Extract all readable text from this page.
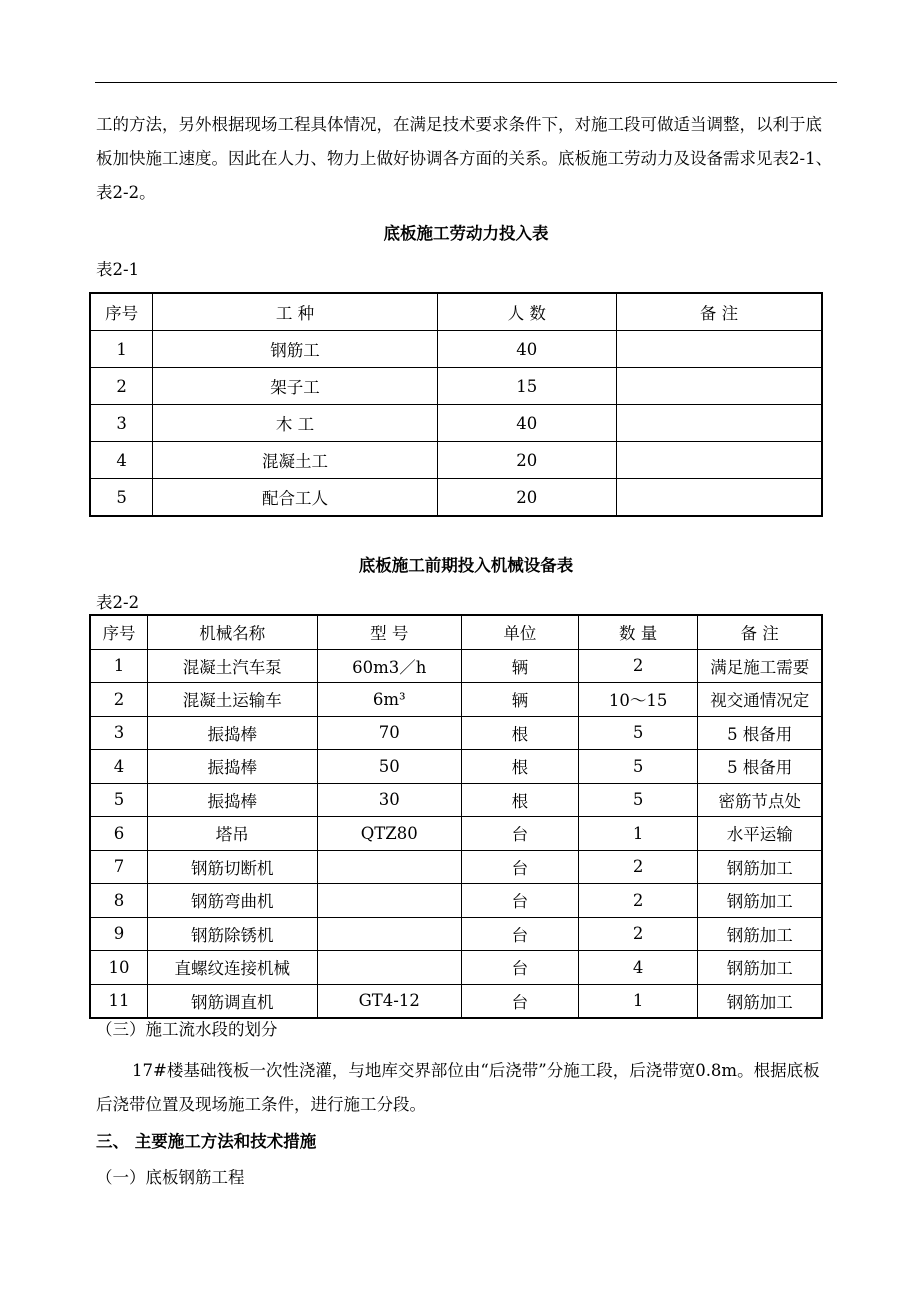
工的方法，另外根据现场工程具体情况，在满足技术要求条件下，对施工段可做适当调整，以利于底板加快施工速度。因此在人力、物力上做好协调各方面的关系。底板施工劳动力及设备需求见表2-1、表2-2。

底板施工劳动力投入表
表2-1
序号	工 种	人 数	备 注
1	钢筋工	40	
2	架子工	15	
3	木 工	40	
4	混凝土工	20	
5	配合工人	20	
底板施工前期投入机械设备表
表2-2
序号	机械名称	型 号	单位	数 量	备 注
1	混凝土汽车泵	60m3／h	辆	2	满足施工需要
2	混凝土运输车	6m³	辆	10～15	视交通情况定
3	振捣棒	70	根	5	5 根备用
4	振捣棒	50	根	5	5 根备用
5	振捣棒	30	根	5	密筋节点处
6	塔吊	QTZ80	台	1	水平运输
7	钢筋切断机		台	2	钢筋加工
8	钢筋弯曲机		台	2	钢筋加工
9	钢筋除锈机		台	2	钢筋加工
10	直螺纹连接机械		台	4	钢筋加工
11	钢筋调直机	GT4-12	台	1	钢筋加工
（三）施工流水段的划分
17#楼基础筏板一次性浇灌，与地库交界部位由“后浇带”分施工段，后浇带宽0.8m。根据底板后浇带位置及现场施工条件，进行施工分段。
三、 主要施工方法和技术措施
（一）底板钢筋工程
